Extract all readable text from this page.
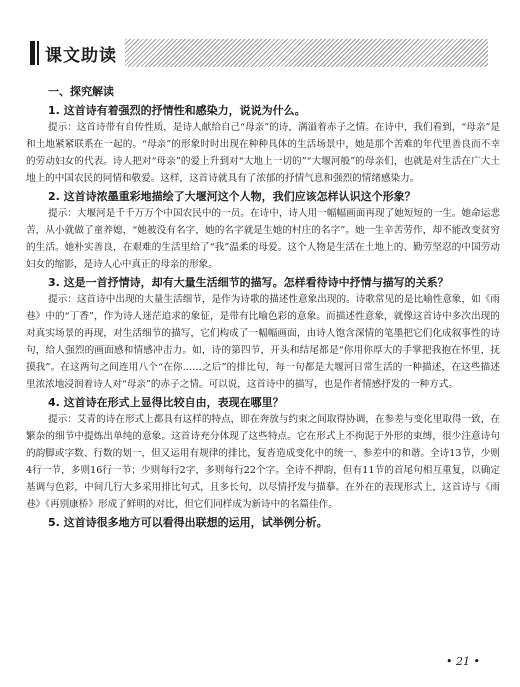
课文助读

一、探究解读

1. 这首诗有着强烈的抒情性和感染力，说说为什么。

提示：这首诗带有自传性质，是诗人献给自己“母亲”的诗，满溢着赤子之情。在诗中，我们看到，“母亲”是和土地紧紧联系在一起的。“母亲”的形象时时出现在种种具体的生活场景中，她是那个苦难的年代里善良而不幸的劳动妇女的代表。诗人把对“母亲”的爱上升到对“大地上一切的”“大堰河般”的母亲们，也就是对生活在广大土地上的中国农民的同情和敬爱。这样，这首诗就具有了浓郁的抒情气息和强烈的情绪感染力。

2. 这首诗浓墨重彩地描绘了大堰河这个人物，我们应该怎样认识这个形象？

提示：大堰河是千千万万个中国农民中的一员。在诗中，诗人用一幅幅画面再现了她短短的一生。她命运悲苦，从小就做了童养媳，“她被没有名字，她的名字就是生她的村庄的名字”。她一生辛苦劳作，却不能改变贫穷的生活。她朴实善良，在艰难的生活里给了“我”温柔的母爱。这个人物是生活在土地上的、勤劳坚忍的中国劳动妇女的缩影，是诗人心中真正的母亲的形象。

3. 这是一首抒情诗，却有大量生活细节的描写。怎样看待诗中抒情与描写的关系？

提示：这首诗中出现的大量生活细节，是作为诗歌的描述性意象出现的。诗歌常见的是比喻性意象，如《雨巷》中的“丁香”，作为诗人迷茫追求的象征，是带有比喻色彩的意象。而描述性意象，就像这首诗中多次出现的对真实场景的再现，对生活细节的描写，它们构成了一幅幅画面，由诗人饱含深情的笔墨把它们化成叙事性的诗句，给人强烈的画面感和情感冲击力。如，诗的第四节，开头和结尾都是“你用你厚大的手掌把我抱在怀里，抚摸我”。在这两句之间连用八个“在你……之后”的排比句，每一句都是大堰河日常生活的一种描述，在这些描述里浓浓地浸润着诗人对“母亲”的赤子之情。可以说，这首诗中的描写，也是作者情感抒发的一种方式。

4. 这首诗在形式上显得比较自由，表现在哪里？

提示：艾青的诗在形式上都具有这样的特点，即在奔放与约束之间取得协调，在参差与变化里取得一致，在繁杂的细节中提炼出单纯的意象。这首诗充分体现了这些特点。它在形式上不拘泥于外形的束缚，很少注意诗句的韵脚或字数、行数的划一，但又运用有规律的排比，复沓造成变化中的统一、参差中的和谐。全诗13节，少则4行一节，多则16行一节；少则每行2字，多则每行22个字。全诗不押韵，但有11节的首尾句相互重复，以确定基调与色彩，中间几行大多采用排比句式，且多长句，以尽情抒发与描摹。在外在的表现形式上，这首诗与《雨巷》《再别康桥》形成了鲜明的对比，但它们同样成为新诗中的名篇佳作。

5. 这首诗很多地方可以看得出联想的运用，试举例分析。

• 21 •
